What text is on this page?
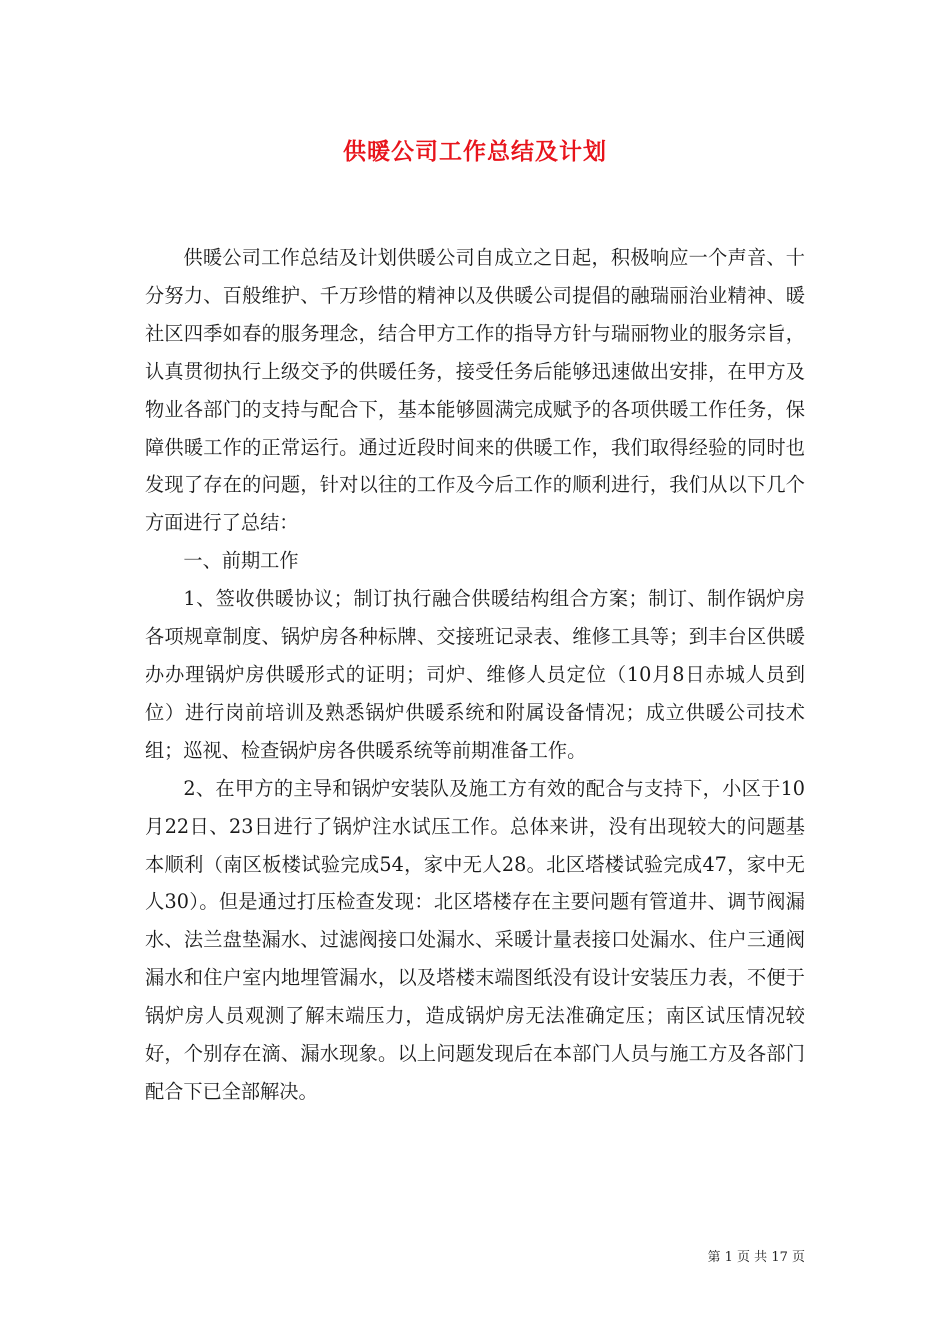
供暖公司工作总结及计划

供暖公司工作总结及计划供暖公司自成立之日起，积极响应一个声音、十分努力、百般维护、千万珍惜的精神以及供暖公司提倡的融瑞丽治业精神、暖社区四季如春的服务理念，结合甲方工作的指导方针与瑞丽物业的服务宗旨，认真贯彻执行上级交予的供暖任务，接受任务后能够迅速做出安排，在甲方及物业各部门的支持与配合下，基本能够圆满完成赋予的各项供暖工作任务，保障供暖工作的正常运行。通过近段时间来的供暖工作，我们取得经验的同时也发现了存在的问题，针对以往的工作及今后工作的顺利进行，我们从以下几个方面进行了总结：

一、前期工作

1、签收供暖协议；制订执行融合供暖结构组合方案；制订、制作锅炉房各项规章制度、锅炉房各种标牌、交接班记录表、维修工具等；到丰台区供暖办办理锅炉房供暖形式的证明；司炉、维修人员定位（10月8日赤城人员到位）进行岗前培训及熟悉锅炉供暖系统和附属设备情况；成立供暖公司技术组；巡视、检查锅炉房各供暖系统等前期准备工作。

2、在甲方的主导和锅炉安装队及施工方有效的配合与支持下，小区于10月22日、23日进行了锅炉注水试压工作。总体来讲，没有出现较大的问题基本顺利（南区板楼试验完成54，家中无人28。北区塔楼试验完成47，家中无人30）。但是通过打压检查发现：北区塔楼存在主要问题有管道井、调节阀漏水、法兰盘垫漏水、过滤阀接口处漏水、采暖计量表接口处漏水、住户三通阀漏水和住户室内地埋管漏水，以及塔楼末端图纸没有设计安装压力表，不便于锅炉房人员观测了解末端压力，造成锅炉房无法准确定压；南区试压情况较好，个别存在滴、漏水现象。以上问题发现后在本部门人员与施工方及各部门配合下已全部解决。

第 1 页 共 17 页
